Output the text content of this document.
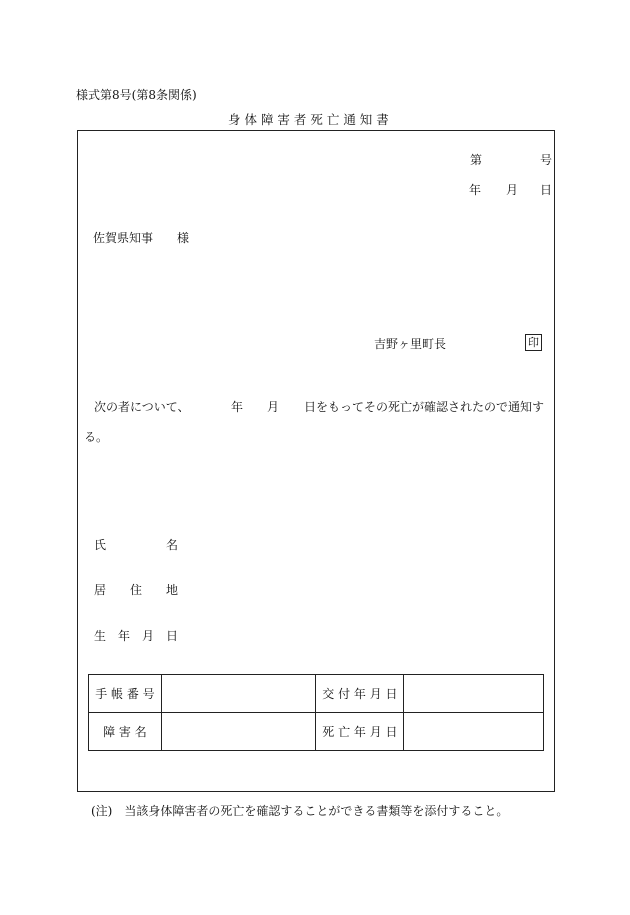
様式第8号(第8条関係)
身 体 障 害 者 死 亡 通 知 書
第	号
年 月 日
佐賀県知事 様
吉野ヶ里町長	印
次の者について、	年 月 日をもってその死亡が確認されたので通知す
る。
氏	名
居 住 地
生 年 月 日
手 帳 番 号		交 付 年 月 日	
障 害 名		死 亡 年 月 日	
(注)　当該身体障害者の死亡を確認することができる書類等を添付すること。
